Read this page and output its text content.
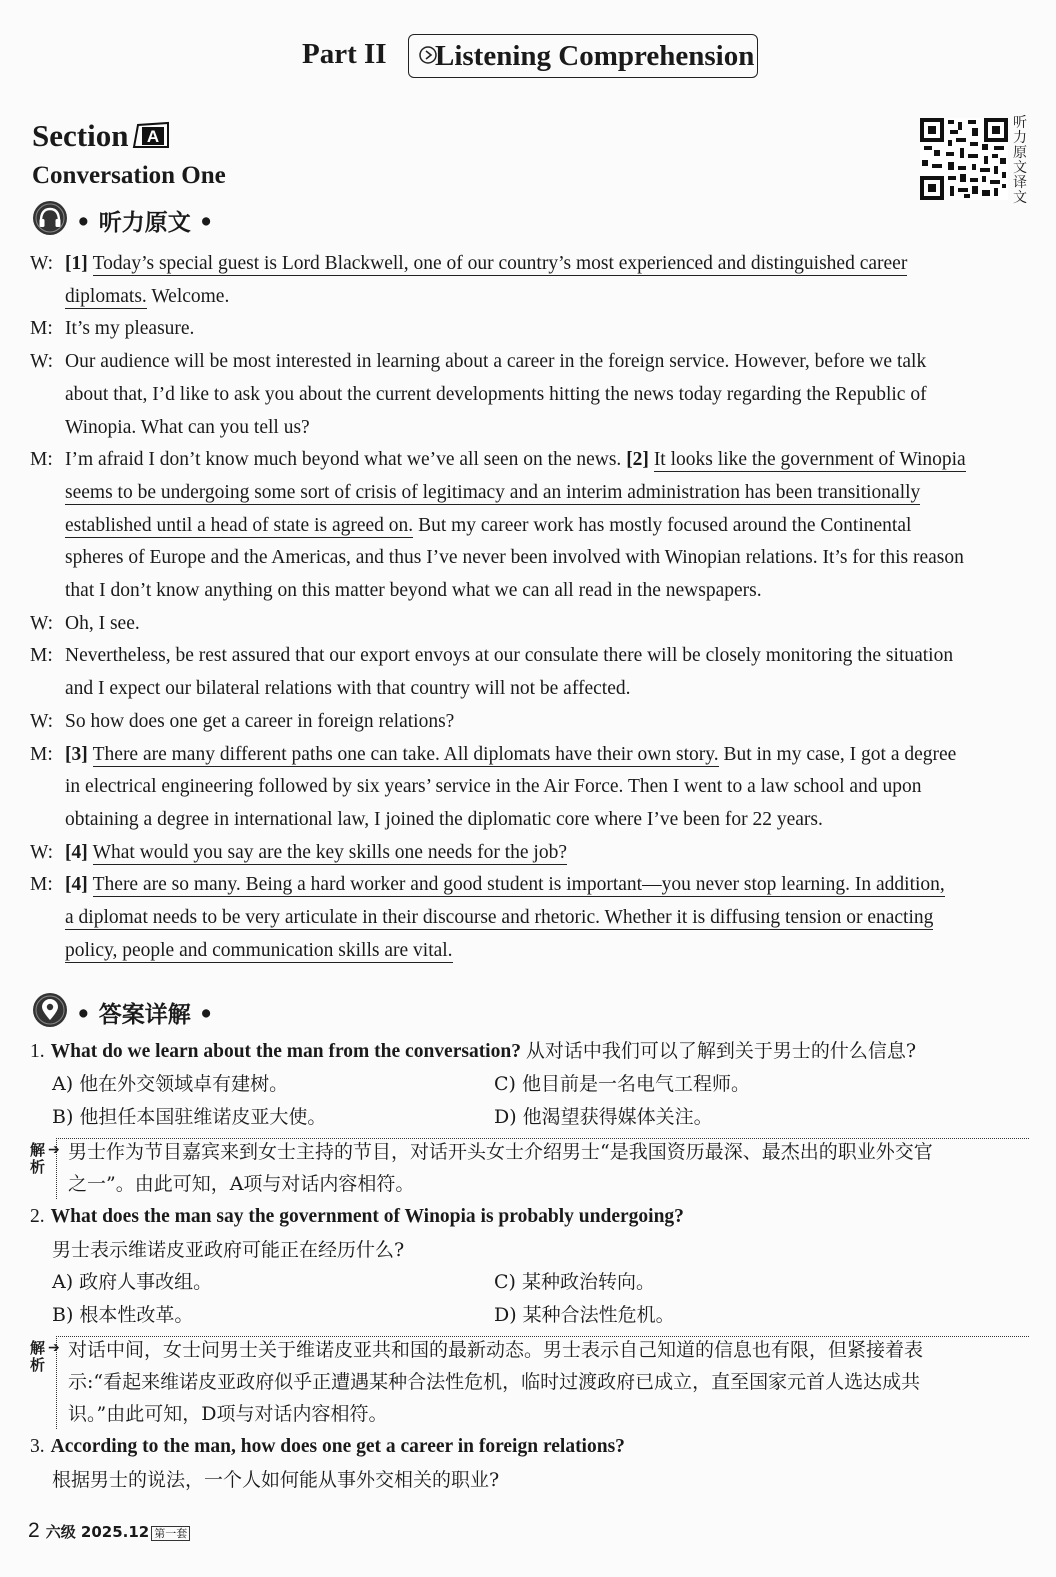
Part II Listening Comprehension
Section A
Conversation One
听力原文译文
• 听力原文 •
W: [1] Today’s special guest is Lord Blackwell, one of our country’s most experienced and distinguished career
diplomats. Welcome.
M: It’s my pleasure.
W: Our audience will be most interested in learning about a career in the foreign service. However, before we talk
about that, I’d like to ask you about the current developments hitting the news today regarding the Republic of
Winopia. What can you tell us?
M: I’m afraid I don’t know much beyond what we’ve all seen on the news. [2] It looks like the government of Winopia
seems to be undergoing some sort of crisis of legitimacy and an interim administration has been transitionally
established until a head of state is agreed on. But my career work has mostly focused around the Continental
spheres of Europe and the Americas, and thus I’ve never been involved with Winopian relations. It’s for this reason
that I don’t know anything on this matter beyond what we can all read in the newspapers.
W: Oh, I see.
M: Nevertheless, be rest assured that our export envoys at our consulate there will be closely monitoring the situation
and I expect our bilateral relations with that country will not be affected.
W: So how does one get a career in foreign relations?
M: [3] There are many different paths one can take. All diplomats have their own story. But in my case, I got a degree
in electrical engineering followed by six years’ service in the Air Force. Then I went to a law school and upon
obtaining a degree in international law, I joined the diplomatic core where I’ve been for 22 years.
W: [4] What would you say are the key skills one needs for the job?
M: [4] There are so many. Being a hard worker and good student is important—you never stop learning. In addition,
a diplomat needs to be very articulate in their discourse and rhetoric. Whether it is diffusing tension or enacting
policy, people and communication skills are vital.
• 答案详解 •
1. What do we learn about the man from the conversation? 从对话中我们可以了解到关于男士的什么信息?
A) 他在外交领域卓有建树。	C) 他目前是一名电气工程师。
B) 他担任本国驻维诺皮亚大使。	D) 他渴望获得媒体关注。
解析
➔ 男士作为节目嘉宾来到女士主持的节目，对话开头女士介绍男士“是我国资历最深、最杰出的职业外交官
之一”。由此可知，A项与对话内容相符。
2. What does the man say the government of Winopia is probably undergoing?
男士表示维诺皮亚政府可能正在经历什么?
A) 政府人事改组。	C) 某种政治转向。
B) 根本性改革。	D) 某种合法性危机。
解析
➔ 对话中间，女士问男士关于维诺皮亚共和国的最新动态。男士表示自己知道的信息也有限，但紧接着表
示:“看起来维诺皮亚政府似乎正遭遇某种合法性危机，临时过渡政府已成立，直至国家元首人选达成共
识。”由此可知，D项与对话内容相符。
3. According to the man, how does one get a career in foreign relations?
根据男士的说法，一个人如何能从事外交相关的职业?
2 六级 2025.12 第一套
